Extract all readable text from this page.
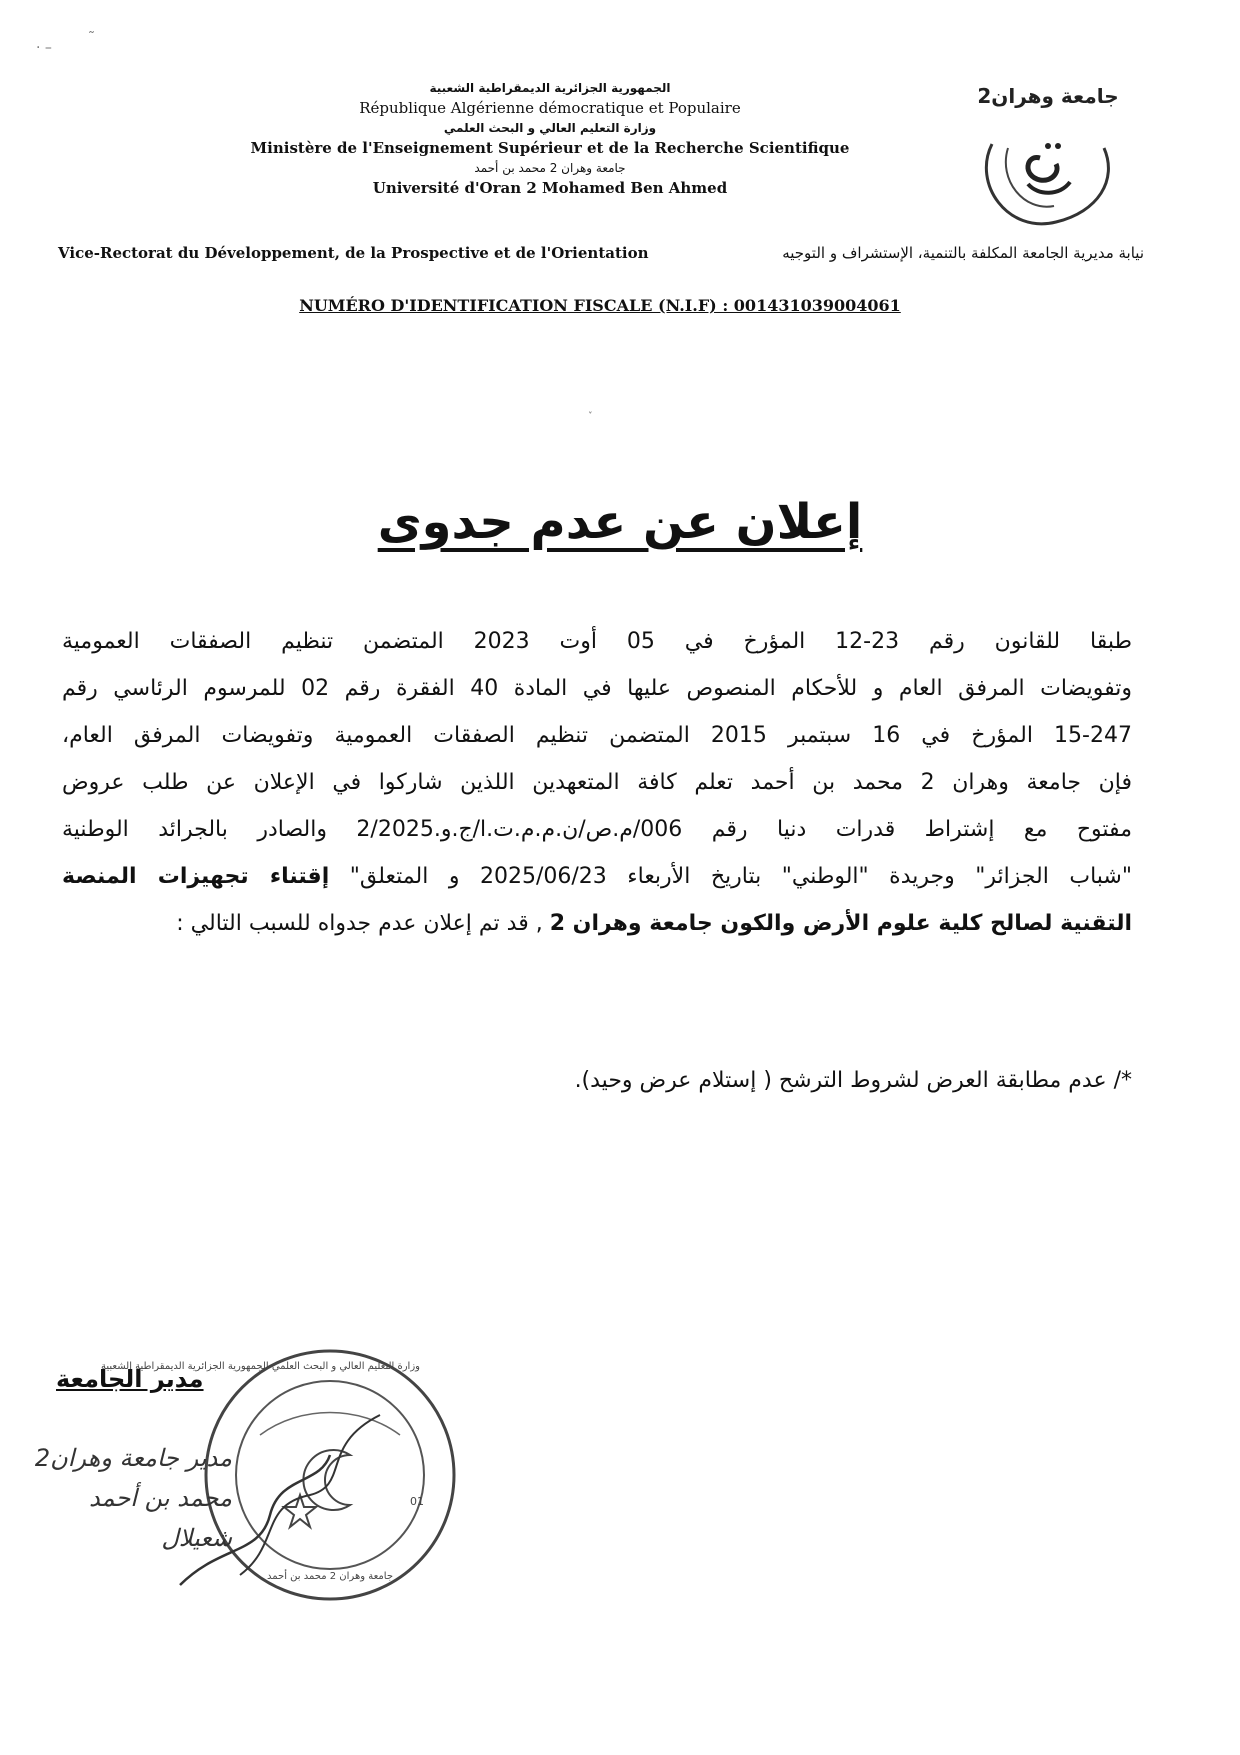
· –
˜
˯
الجمهورية الجزائرية الديمقراطية الشعبية
République Algérienne démocratique et Populaire
وزارة التعليم العالي و البحث العلمي
Ministère de l'Enseignement Supérieur et de la Recherche Scientifique
جامعة وهران 2 محمد بن أحمد
Université d'Oran 2 Mohamed Ben Ahmed
جامعة وهران2
Vice-Rectorat du Développement, de la Prospective et de l'Orientation	نيابة مديرية الجامعة المكلفة بالتنمية، الإستشراف و التوجيه
NUMÉRO D'IDENTIFICATION FISCALE (N.I.F) : 001431039004061
إعلان عن عدم جدوى
طبقا للقانون رقم 23-12 المؤرخ في 05 أوت 2023 المتضمن تنظيم الصفقات العمومية
وتفويضات المرفق العام و للأحكام المنصوص عليها في المادة 40 الفقرة رقم 02 للمرسوم الرئاسي رقم
15-247 المؤرخ في 16 سبتمبر 2015 المتضمن تنظيم الصفقات العمومية وتفويضات المرفق العام،
فإن جامعة وهران 2 محمد بن أحمد تعلم كافة المتعهدين اللذين شاركوا في الإعلان عن طلب عروض
مفتوح مع إشتراط قدرات دنيا رقم 006/م.ص/ن.م.م.ت.ا/ج.و.2/2025 والصادر بالجرائد الوطنية
"شباب الجزائر" وجريدة "الوطني" بتاريخ الأربعاء 2025/06/23 و المتعلق" إقتناء تجهيزات المنصة
التقنية لصالح كلية علوم الأرض والكون جامعة وهران 2 , قد تم إعلان عدم جدواه للسبب التالي :
*/ عدم مطابقة العرض لشروط الترشح ( إستلام عرض وحيد).
مدير الجامعة
01
وزارة التعليم العالي و البحث العلمي الجمهورية الجزائرية الديمقراطية الشعبية
جامعة وهران 2 محمد بن أحمد
مدير جامعة وهران2
محمد بن أحمد
شعيلال
